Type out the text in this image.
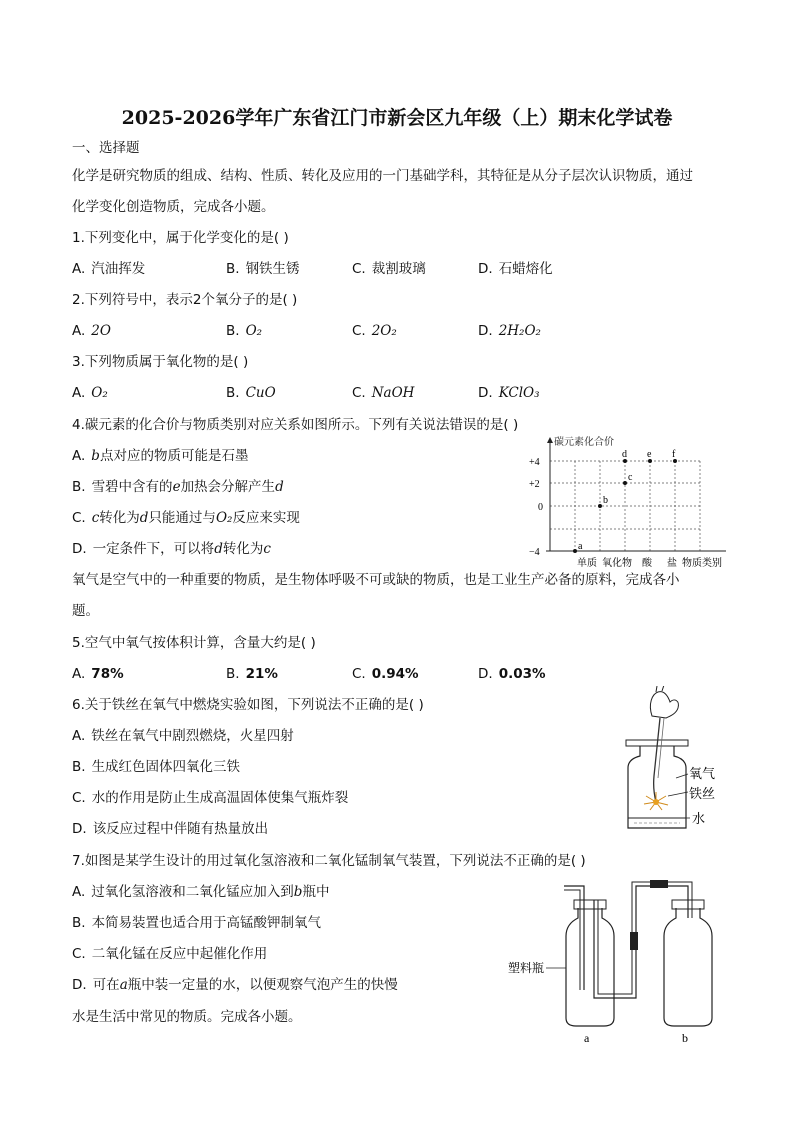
2025-2026学年广东省江门市新会区九年级（上）期末化学试卷
一、选择题
化学是研究物质的组成、结构、性质、转化及应用的一门基础学科，其特征是从分子层次认识物质，通过
化学变化创造物质，完成各小题。
1.下列变化中，属于化学变化的是( )
A. 汽油挥发	B. 钢铁生锈	C. 裁割玻璃	D. 石蜡熔化
2.下列符号中，表示2个氧分子的是( )
A. 2O	B. O₂	C. 2O₂	D. 2H₂O₂
3.下列物质属于氧化物的是( )
A. O₂	B. CuO	C. NaOH	D. KClO₃
4.碳元素的化合价与物质类别对应关系如图所示。下列有关说法错误的是( )
A. b点对应的物质可能是石墨
B. 雪碧中含有的e加热会分解产生d
C. c转化为d只能通过与O₂反应来实现
D. 一定条件下，可以将d转化为c
碳元素化合价
+4
+2
0
−4
单质 氧化物 酸 盐 物质类别
a
b
c
d e f
氧气是空气中的一种重要的物质，是生物体呼吸不可或缺的物质，也是工业生产必备的原料，完成各小
题。
5.空气中氧气按体积计算，含量大约是( )
A. 78%	B. 21%	C. 0.94%	D. 0.03%
6.关于铁丝在氧气中燃烧实验如图，下列说法不正确的是( )
A. 铁丝在氧气中剧烈燃烧，火星四射
B. 生成红色固体四氧化三铁
C. 水的作用是防止生成高温固体使集气瓶炸裂
D. 该反应过程中伴随有热量放出
氧气
铁丝
水
7.如图是某学生设计的用过氧化氢溶液和二氧化锰制氧气装置，下列说法不正确的是( )
A. 过氧化氢溶液和二氧化锰应加入到b瓶中
B. 本简易装置也适合用于高锰酸钾制氧气
C. 二氧化锰在反应中起催化作用
D. 可在a瓶中装一定量的水，以便观察气泡产生的快慢
水是生活中常见的物质。完成各小题。
塑料瓶
a	b
